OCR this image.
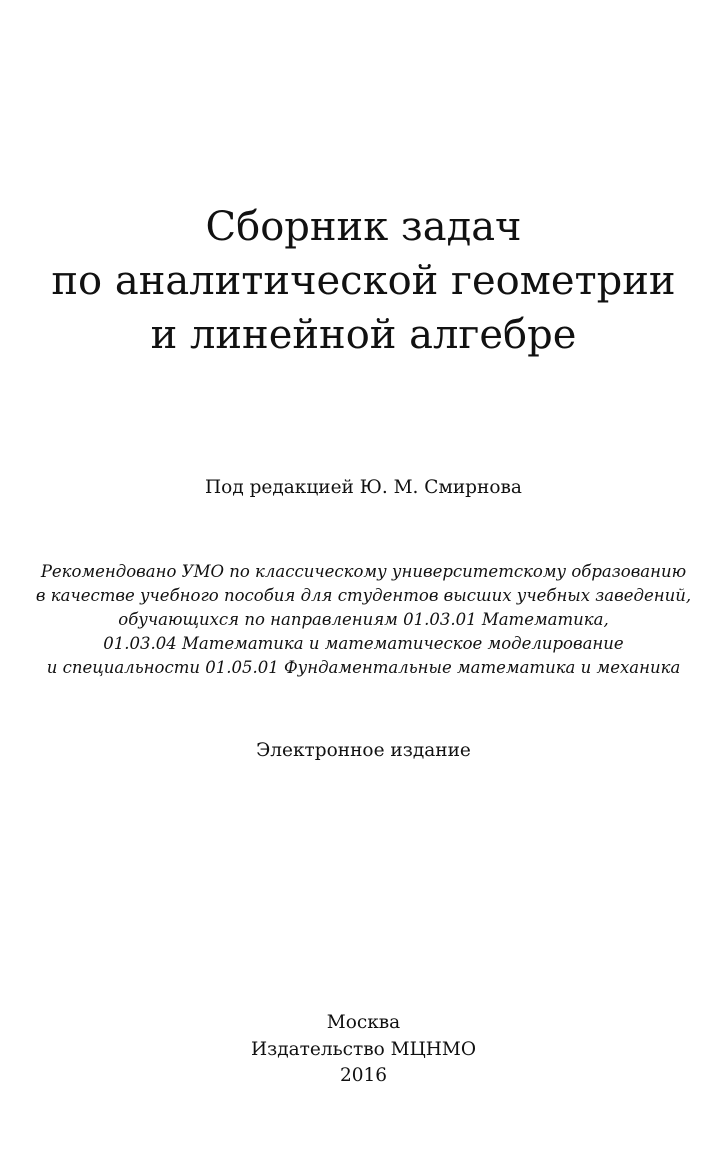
Сборник задач
по аналитической геометрии
и линейной алгебре
Под редакцией Ю. М. Смирнова
Рекомендовано УМО по классическому университетскому образованию
в качестве учебного пособия для студентов высших учебных заведений,
обучающихся по направлениям 01.03.01 Математика,
01.03.04 Математика и математическое моделирование
и специальности 01.05.01 Фундаментальные математика и механика
Электронное издание
Москва
Издательство МЦНМО
2016
